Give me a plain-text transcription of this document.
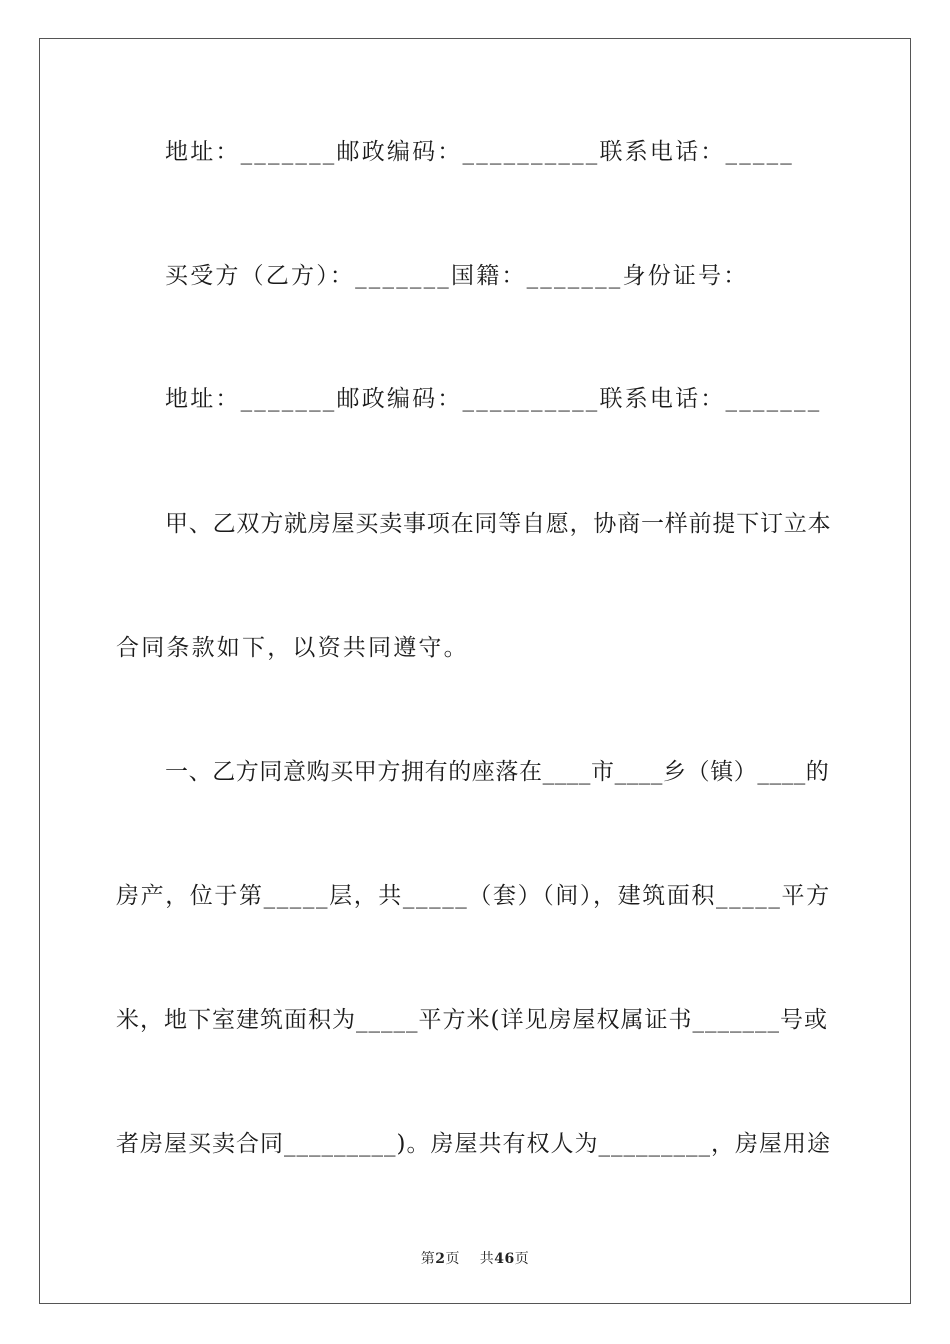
地址：_______邮政编码：__________联系电话：_____
买受方（乙方）：_______国籍：_______身份证号：
地址：_______邮政编码：__________联系电话：_______
甲、乙双方就房屋买卖事项在同等自愿，协商一样前提下订立本
合同条款如下，以资共同遵守。
一、乙方同意购买甲方拥有的座落在____市____乡（镇）____的
房产，位于第_____层，共_____（套）（间），建筑面积_____平方
米，地下室建筑面积为_____平方米(详见房屋权属证书_______号或
者房屋买卖合同_________)。房屋共有权人为_________，房屋用途
第2页 共46页
